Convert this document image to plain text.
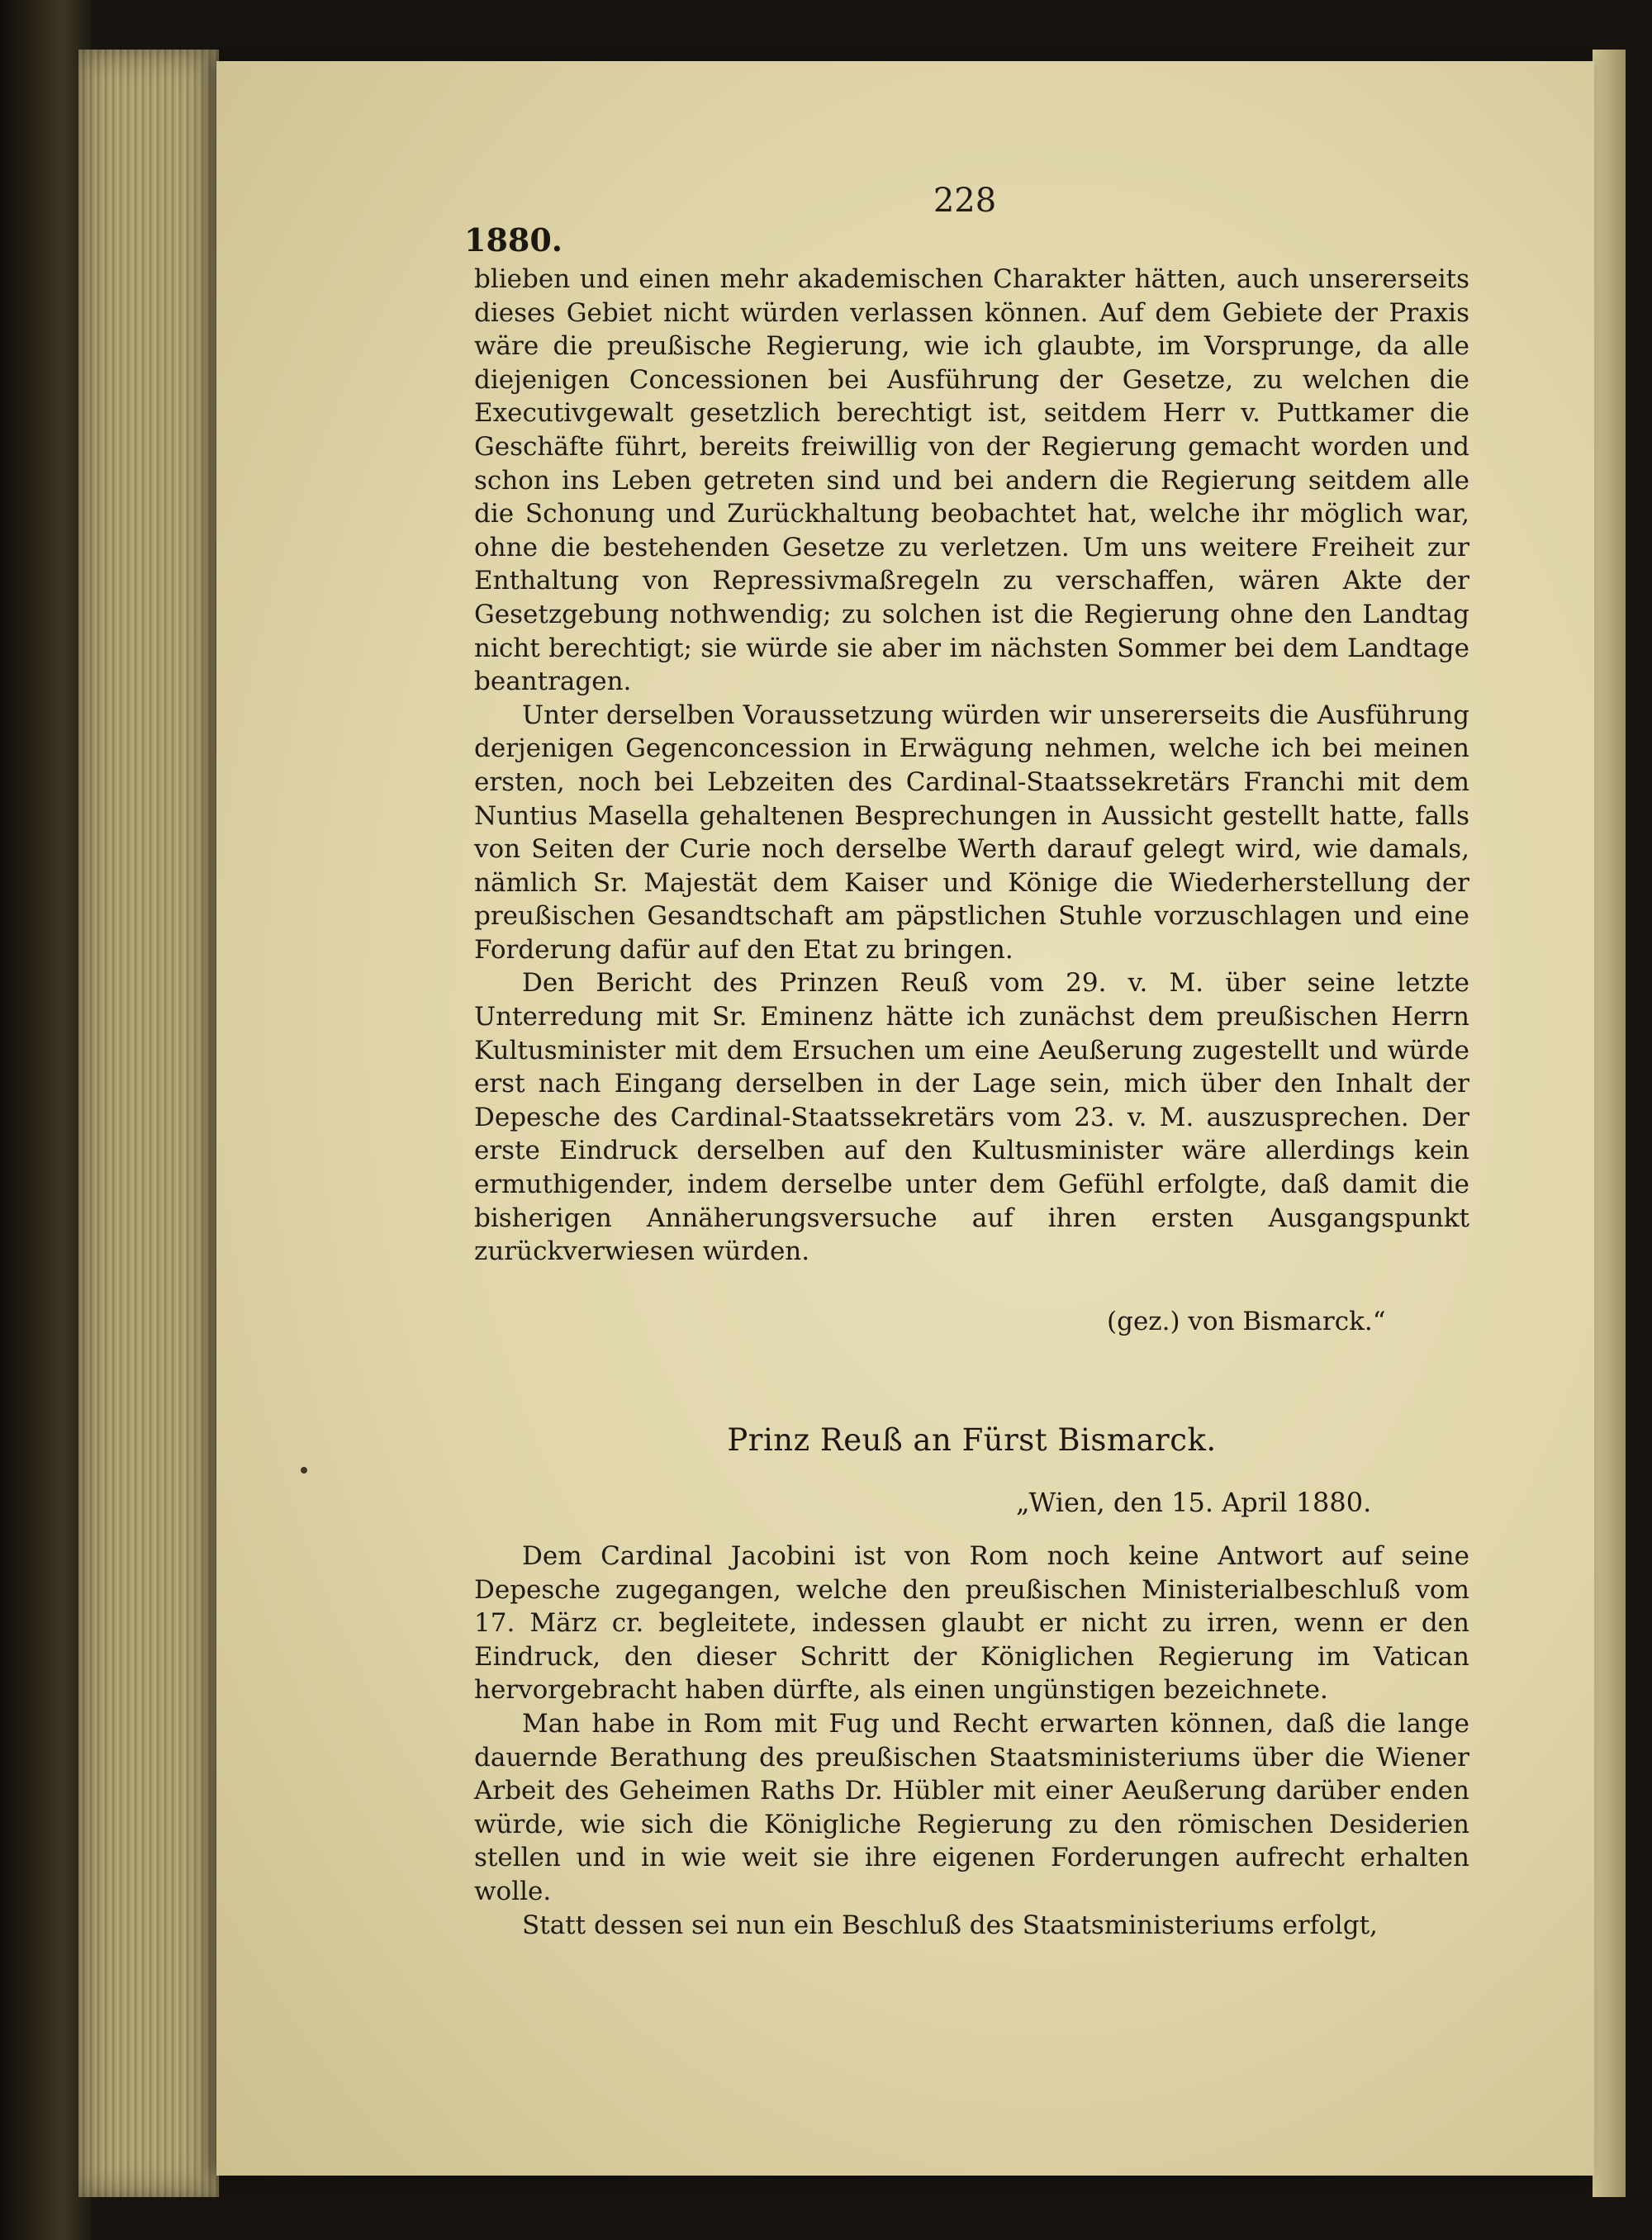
228
1880.

blieben und einen mehr akademischen Charakter hätten, auch unsererseits dieses Gebiet nicht würden verlassen können. Auf dem Gebiete der Praxis wäre die preußische Regierung, wie ich glaubte, im Vorsprunge, da alle diejenigen Concessionen bei Ausführung der Gesetze, zu welchen die Executivgewalt gesetzlich berechtigt ist, seitdem Herr v. Puttkamer die Geschäfte führt, bereits freiwillig von der Regierung gemacht worden und schon ins Leben getreten sind und bei andern die Regierung seitdem alle die Schonung und Zurückhaltung beobachtet hat, welche ihr möglich war, ohne die bestehenden Gesetze zu verletzen. Um uns weitere Freiheit zur Enthaltung von Repressivmaßregeln zu verschaffen, wären Akte der Gesetzgebung nothwendig; zu solchen ist die Regierung ohne den Landtag nicht berechtigt; sie würde sie aber im nächsten Sommer bei dem Landtage beantragen.

Unter derselben Voraussetzung würden wir unsererseits die Ausführung derjenigen Gegenconcession in Erwägung nehmen, welche ich bei meinen ersten, noch bei Lebzeiten des Cardinal-Staatssekretärs Franchi mit dem Nuntius Masella gehaltenen Besprechungen in Aussicht gestellt hatte, falls von Seiten der Curie noch derselbe Werth darauf gelegt wird, wie damals, nämlich Sr. Majestät dem Kaiser und Könige die Wiederherstellung der preußischen Gesandtschaft am päpstlichen Stuhle vorzuschlagen und eine Forderung dafür auf den Etat zu bringen.

Den Bericht des Prinzen Reuß vom 29. v. M. über seine letzte Unterredung mit Sr. Eminenz hätte ich zunächst dem preußischen Herrn Kultusminister mit dem Ersuchen um eine Aeußerung zugestellt und würde erst nach Eingang derselben in der Lage sein, mich über den Inhalt der Depesche des Cardinal-Staatssekretärs vom 23. v. M. auszusprechen. Der erste Eindruck derselben auf den Kultusminister wäre allerdings kein ermuthigender, indem derselbe unter dem Gefühl erfolgte, daß damit die bisherigen Annäherungsversuche auf ihren ersten Ausgangspunkt zurückverwiesen würden.

(gez.) von Bismarck.“
Prinz Reuß an Fürst Bismarck.
„Wien, den 15. April 1880.

Dem Cardinal Jacobini ist von Rom noch keine Antwort auf seine Depesche zugegangen, welche den preußischen Ministerialbeschluß vom 17. März cr. begleitete, indessen glaubt er nicht zu irren, wenn er den Eindruck, den dieser Schritt der Königlichen Regierung im Vatican hervorgebracht haben dürfte, als einen ungünstigen bezeichnete.

Man habe in Rom mit Fug und Recht erwarten können, daß die lange dauernde Berathung des preußischen Staatsministeriums über die Wiener Arbeit des Geheimen Raths Dr. Hübler mit einer Aeußerung darüber enden würde, wie sich die Königliche Regierung zu den römischen Desiderien stellen und in wie weit sie ihre eigenen Forderungen aufrecht erhalten wolle.

Statt dessen sei nun ein Beschluß des Staatsministeriums erfolgt,
